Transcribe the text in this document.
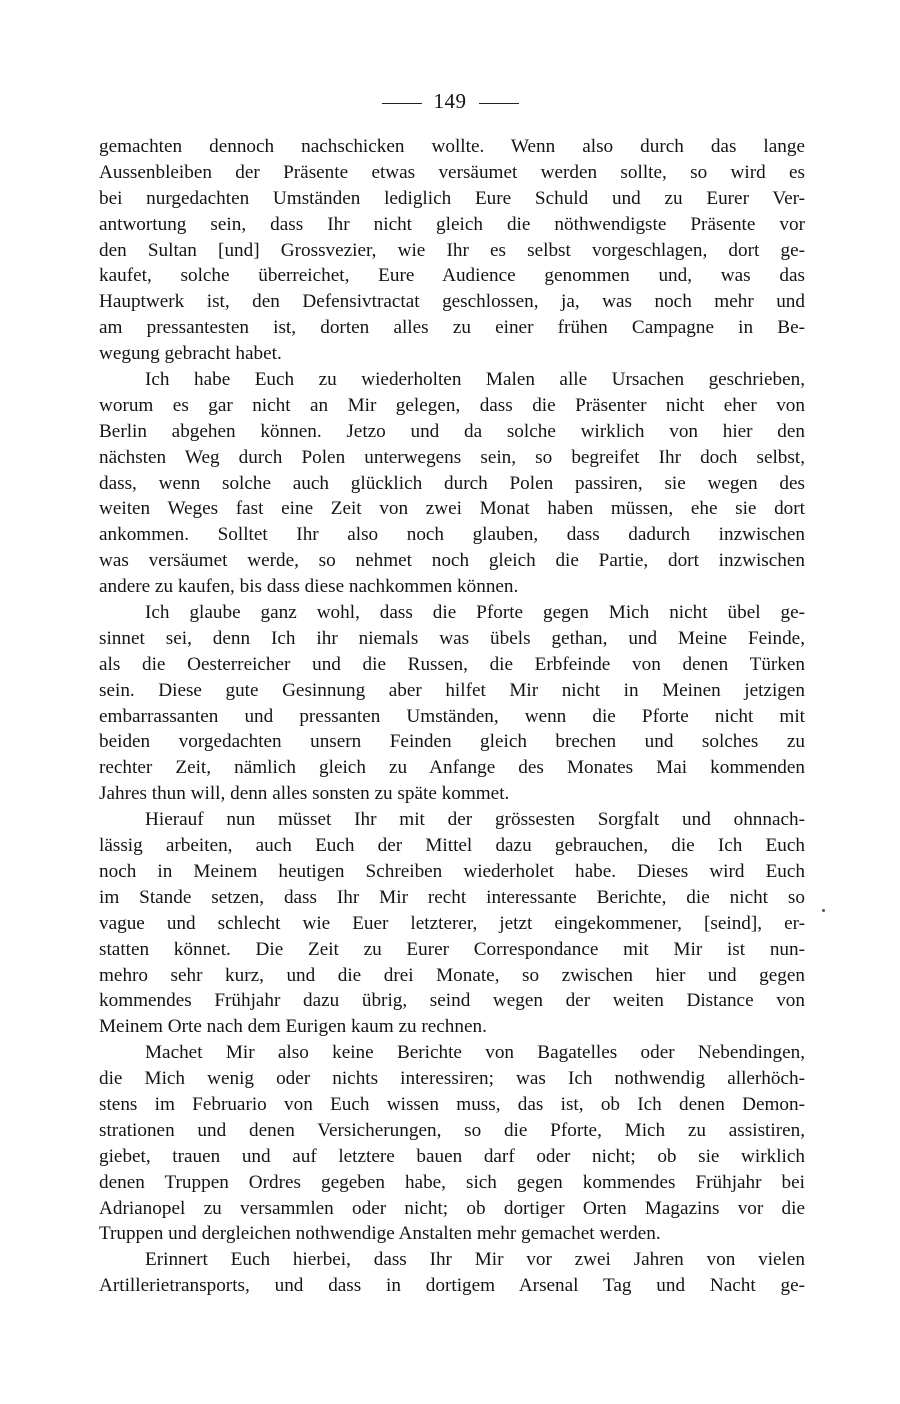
149
gemachten dennoch nachschicken wollte. Wenn also durch das lange
Aussenbleiben der Präsente etwas versäumet werden sollte, so wird es
bei nurgedachten Umständen lediglich Eure Schuld und zu Eurer Ver-
antwortung sein, dass Ihr nicht gleich die nöthwendigste Präsente vor
den Sultan [und] Grossvezier, wie Ihr es selbst vorgeschlagen, dort ge-
kaufet, solche überreichet, Eure Audience genommen und, was das
Hauptwerk ist, den Defensivtractat geschlossen, ja, was noch mehr und
am pressantesten ist, dorten alles zu einer frühen Campagne in Be-
wegung gebracht habet.
Ich habe Euch zu wiederholten Malen alle Ursachen geschrieben,
worum es gar nicht an Mir gelegen, dass die Präsenter nicht eher von
Berlin abgehen können. Jetzo und da solche wirklich von hier den
nächsten Weg durch Polen unterwegens sein, so begreifet Ihr doch selbst,
dass, wenn solche auch glücklich durch Polen passiren, sie wegen des
weiten Weges fast eine Zeit von zwei Monat haben müssen, ehe sie dort
ankommen. Solltet Ihr also noch glauben, dass dadurch inzwischen
was versäumet werde, so nehmet noch gleich die Partie, dort inzwischen
andere zu kaufen, bis dass diese nachkommen können.
Ich glaube ganz wohl, dass die Pforte gegen Mich nicht übel ge-
sinnet sei, denn Ich ihr niemals was übels gethan, und Meine Feinde,
als die Oesterreicher und die Russen, die Erbfeinde von denen Türken
sein. Diese gute Gesinnung aber hilfet Mir nicht in Meinen jetzigen
embarrassanten und pressanten Umständen, wenn die Pforte nicht mit
beiden vorgedachten unsern Feinden gleich brechen und solches zu
rechter Zeit, nämlich gleich zu Anfange des Monates Mai kommenden
Jahres thun will, denn alles sonsten zu späte kommet.
Hierauf nun müsset Ihr mit der grössesten Sorgfalt und ohnnach-
lässig arbeiten, auch Euch der Mittel dazu gebrauchen, die Ich Euch
noch in Meinem heutigen Schreiben wiederholet habe. Dieses wird Euch
im Stande setzen, dass Ihr Mir recht interessante Berichte, die nicht so
vague und schlecht wie Euer letzterer, jetzt eingekommener, [seind], er-
statten könnet. Die Zeit zu Eurer Correspondance mit Mir ist nun-
mehro sehr kurz, und die drei Monate, so zwischen hier und gegen
kommendes Frühjahr dazu übrig, seind wegen der weiten Distance von
Meinem Orte nach dem Eurigen kaum zu rechnen.
Machet Mir also keine Berichte von Bagatelles oder Nebendingen,
die Mich wenig oder nichts interessiren; was Ich nothwendig allerhöch-
stens im Februario von Euch wissen muss, das ist, ob Ich denen Demon-
strationen und denen Versicherungen, so die Pforte, Mich zu assistiren,
giebet, trauen und auf letztere bauen darf oder nicht; ob sie wirklich
denen Truppen Ordres gegeben habe, sich gegen kommendes Frühjahr bei
Adrianopel zu versammlen oder nicht; ob dortiger Orten Magazins vor die
Truppen und dergleichen nothwendige Anstalten mehr gemachet werden.
Erinnert Euch hierbei, dass Ihr Mir vor zwei Jahren von vielen
Artillerietransports, und dass in dortigem Arsenal Tag und Nacht ge-
